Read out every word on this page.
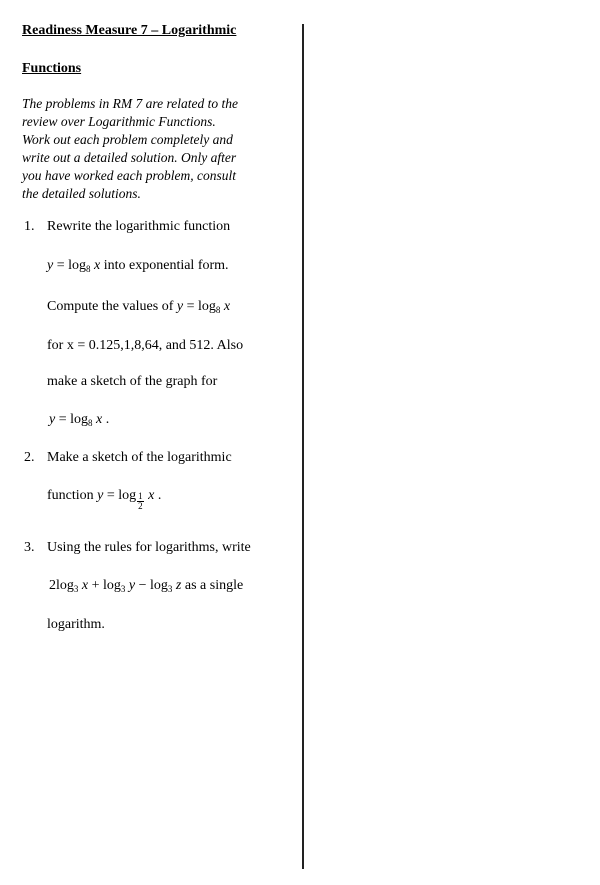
Readiness Measure 7 – Logarithmic
Functions
The problems in RM 7 are related to the
review over Logarithmic Functions.
Work out each problem completely and
write out a detailed solution. Only after
you have worked each problem, consult
the detailed solutions.
1. Rewrite the logarithmic function
$y = \log_8 x$ into exponential form.
Compute the values of $y = \log_8 x$
for x = 0.125,1,8,64, and 512. Also
make a sketch of the graph for
$y = \log_8 x$ .
2. Make a sketch of the logarithmic
function $y = \log \frac{1}{2}$ x .
3. Using the rules for logarithms, write
$2\log_3$ $x + \log_3 y - \log_3 z$ as a single
logarithm.
